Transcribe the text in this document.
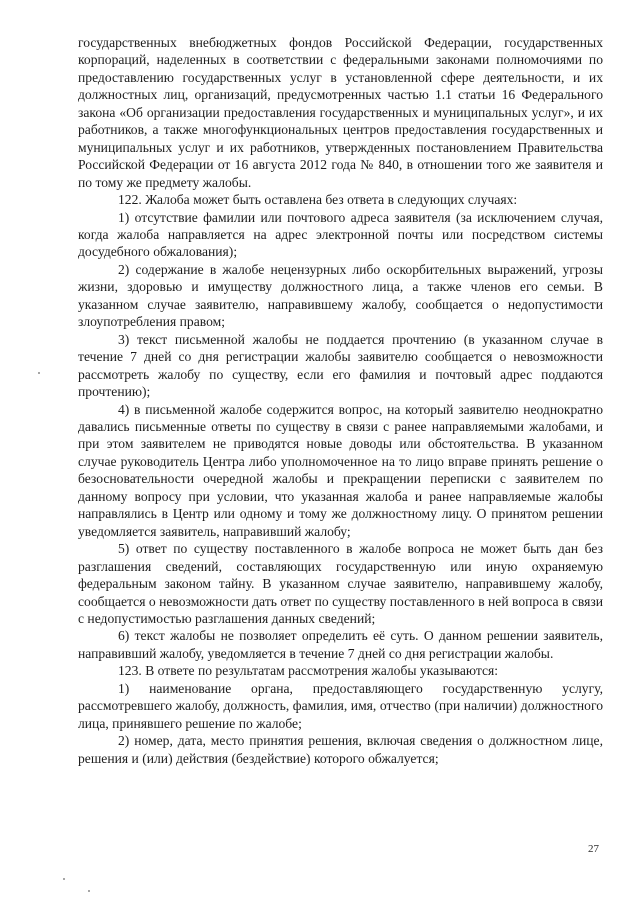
государственных внебюджетных фондов Российской Федерации, государственных корпораций, наделенных в соответствии с федеральными законами полномочиями по предоставлению государственных услуг в установленной сфере деятельности, и их должностных лиц, организаций, предусмотренных частью 1.1 статьи 16 Федерального закона «Об организации предоставления государственных и муниципальных услуг», и их работников, а также многофункциональных центров предоставления государственных и муниципальных услуг и их работников, утвержденных постановлением Правительства Российской Федерации от 16 августа 2012 года № 840, в отношении того же заявителя и по тому же предмету жалобы.

122. Жалоба может быть оставлена без ответа в следующих случаях:

1) отсутствие фамилии или почтового адреса заявителя (за исключением случая, когда жалоба направляется на адрес электронной почты или посредством системы досудебного обжалования);

2) содержание в жалобе нецензурных либо оскорбительных выражений, угрозы жизни, здоровью и имуществу должностного лица, а также членов его семьи. В указанном случае заявителю, направившему жалобу, сообщается о недопустимости злоупотребления правом;

3) текст письменной жалобы не поддается прочтению (в указанном случае в течение 7 дней со дня регистрации жалобы заявителю сообщается о невозможности рассмотреть жалобу по существу, если его фамилия и почтовый адрес поддаются прочтению);

4) в письменной жалобе содержится вопрос, на который заявителю неоднократно давались письменные ответы по существу в связи с ранее направляемыми жалобами, и при этом заявителем не приводятся новые доводы или обстоятельства. В указанном случае руководитель Центра либо уполномоченное на то лицо вправе принять решение о безосновательности очередной жалобы и прекращении переписки с заявителем по данному вопросу при условии, что указанная жалоба и ранее направляемые жалобы направлялись в Центр или одному и тому же должностному лицу. О принятом решении уведомляется заявитель, направивший жалобу;

5) ответ по существу поставленного в жалобе вопроса не может быть дан без разглашения сведений, составляющих государственную или иную охраняемую федеральным законом тайну. В указанном случае заявителю, направившему жалобу, сообщается о невозможности дать ответ по существу поставленного в ней вопроса в связи с недопустимостью разглашения данных сведений;

6) текст жалобы не позволяет определить её суть. О данном решении заявитель, направивший жалобу, уведомляется в течение 7 дней со дня регистрации жалобы.

123. В ответе по результатам рассмотрения жалобы указываются:

1) наименование органа, предоставляющего государственную услугу, рассмотревшего жалобу, должность, фамилия, имя, отчество (при наличии) должностного лица, принявшего решение по жалобе;

2) номер, дата, место принятия решения, включая сведения о должностном лице, решения и (или) действия (бездействие) которого обжалуется;

27
